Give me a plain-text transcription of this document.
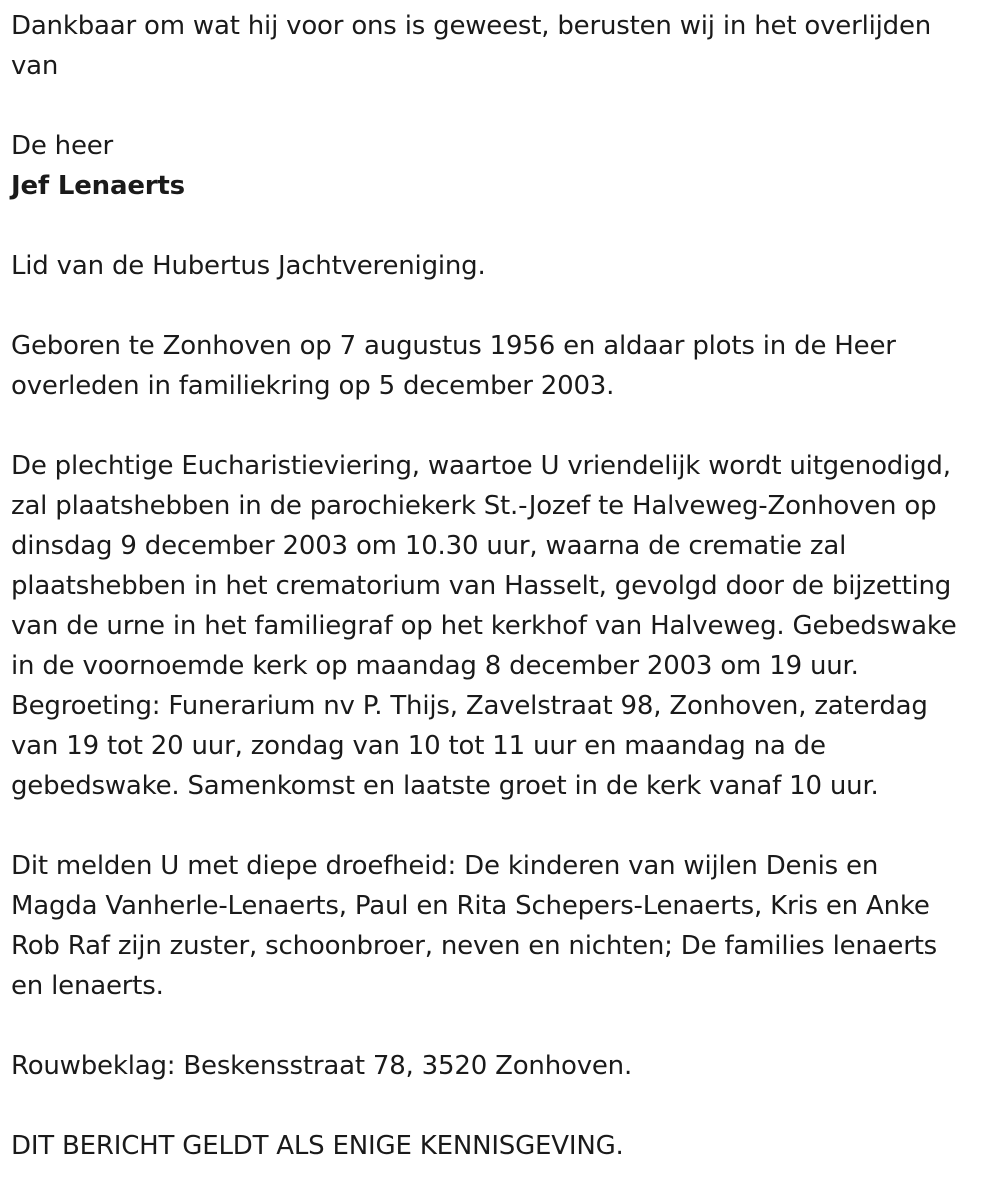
Dankbaar om wat hij voor ons is geweest, berusten wij in het overlijden
van

De heer

Jef Lenaerts

Lid van de Hubertus Jachtvereniging.

Geboren te Zonhoven op 7 augustus 1956 en aldaar plots in de Heer
overleden in familiekring op 5 december 2003.

De plechtige Eucharistieviering, waartoe U vriendelijk wordt uitgenodigd,
zal plaatshebben in de parochiekerk St.-Jozef te Halveweg-Zonhoven op
dinsdag 9 december 2003 om 10.30 uur, waarna de crematie zal
plaatshebben in het crematorium van Hasselt, gevolgd door de bijzetting
van de urne in het familiegraf op het kerkhof van Halveweg. Gebedswake
in de voornoemde kerk op maandag 8 december 2003 om 19 uur.
Begroeting: Funerarium nv P. Thijs, Zavelstraat 98, Zonhoven, zaterdag
van 19 tot 20 uur, zondag van 10 tot 11 uur en maandag na de
gebedswake. Samenkomst en laatste groet in de kerk vanaf 10 uur.

Dit melden U met diepe droefheid: De kinderen van wijlen Denis en
Magda Vanherle-Lenaerts, Paul en Rita Schepers-Lenaerts, Kris en Anke
Rob Raf zijn zuster, schoonbroer, neven en nichten; De families lenaerts
en lenaerts.

Rouwbeklag: Beskensstraat 78, 3520 Zonhoven.

DIT BERICHT GELDT ALS ENIGE KENNISGEVING.
